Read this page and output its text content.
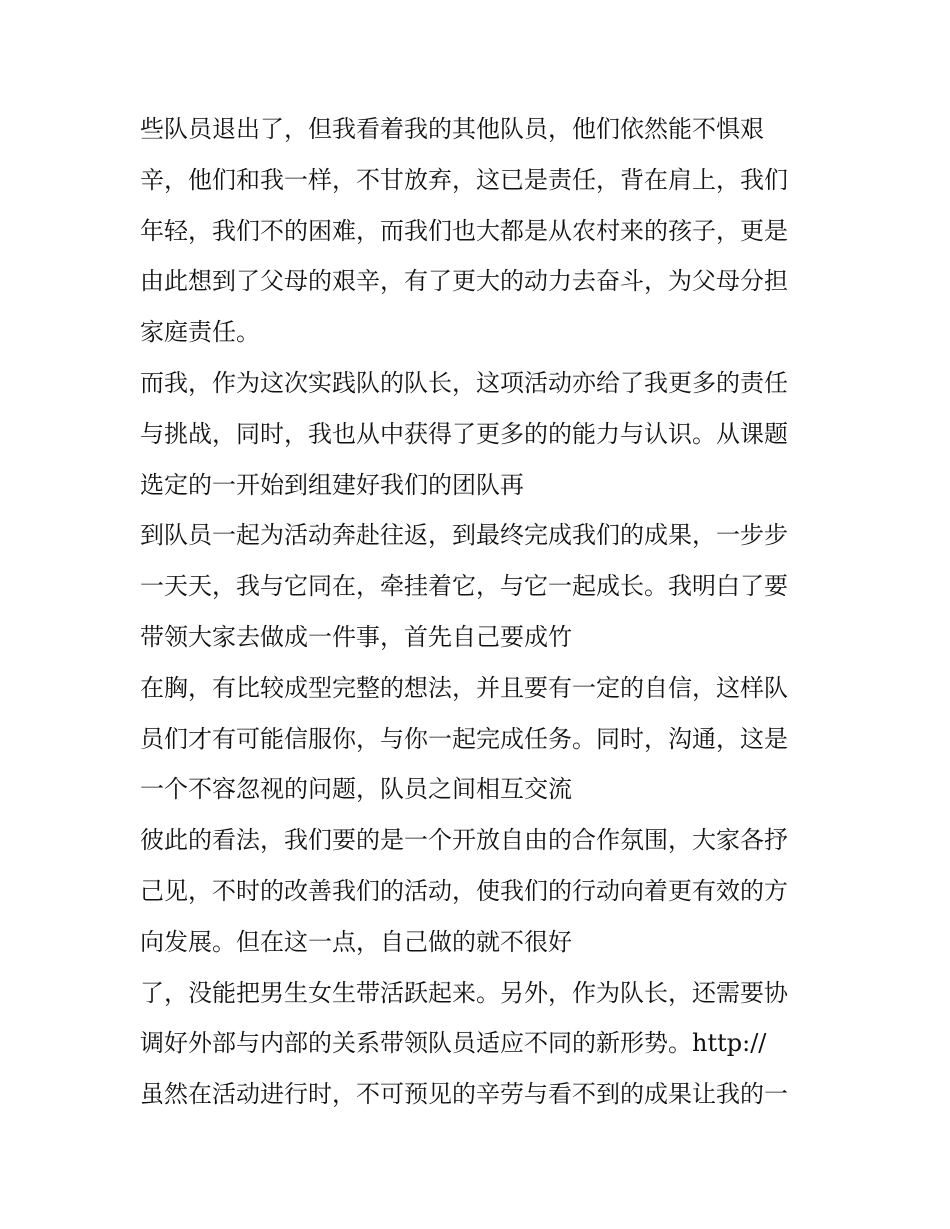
些队员退出了，但我看着我的其他队员，他们依然能不惧艰
辛，他们和我一样，不甘放弃，这已是责任，背在肩上，我们
年轻，我们不的困难，而我们也大都是从农村来的孩子，更是
由此想到了父母的艰辛，有了更大的动力去奋斗，为父母分担
家庭责任。
而我，作为这次实践队的队长，这项活动亦给了我更多的责任
与挑战，同时，我也从中获得了更多的的能力与认识。从课题
选定的一开始到组建好我们的团队再
到队员一起为活动奔赴往返，到最终完成我们的成果，一步步
一天天，我与它同在，牵挂着它，与它一起成长。我明白了要
带领大家去做成一件事，首先自己要成竹
在胸，有比较成型完整的想法，并且要有一定的自信，这样队
员们才有可能信服你，与你一起完成任务。同时，沟通，这是
一个不容忽视的问题，队员之间相互交流
彼此的看法，我们要的是一个开放自由的合作氛围，大家各抒
己见，不时的改善我们的活动，使我们的行动向着更有效的方
向发展。但在这一点，自己做的就不很好
了，没能把男生女生带活跃起来。另外，作为队长，还需要协
调好外部与内部的关系带领队员适应不同的新形势。http://
虽然在活动进行时，不可预见的辛劳与看不到的成果让我的一
